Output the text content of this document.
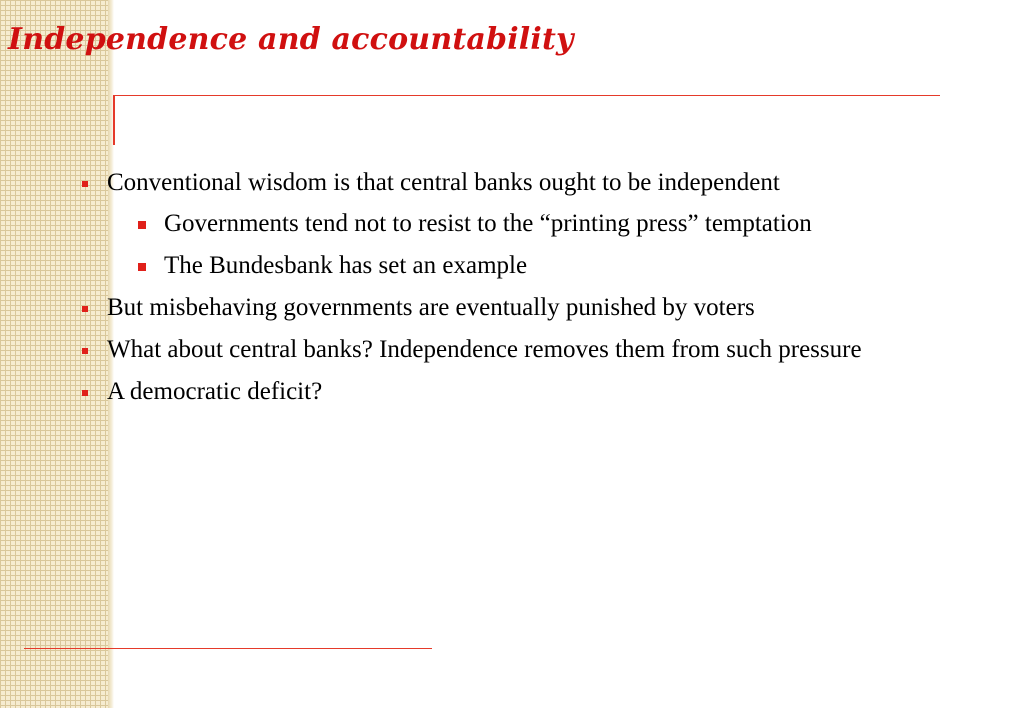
Independence and accountability
Conventional wisdom is that central banks ought to be independent
Governments tend not to resist to the “printing press” temptation
The Bundesbank has set an example
But misbehaving governments are eventually punished by voters
What about central banks? Independence removes them from such pressure
A democratic deficit?
